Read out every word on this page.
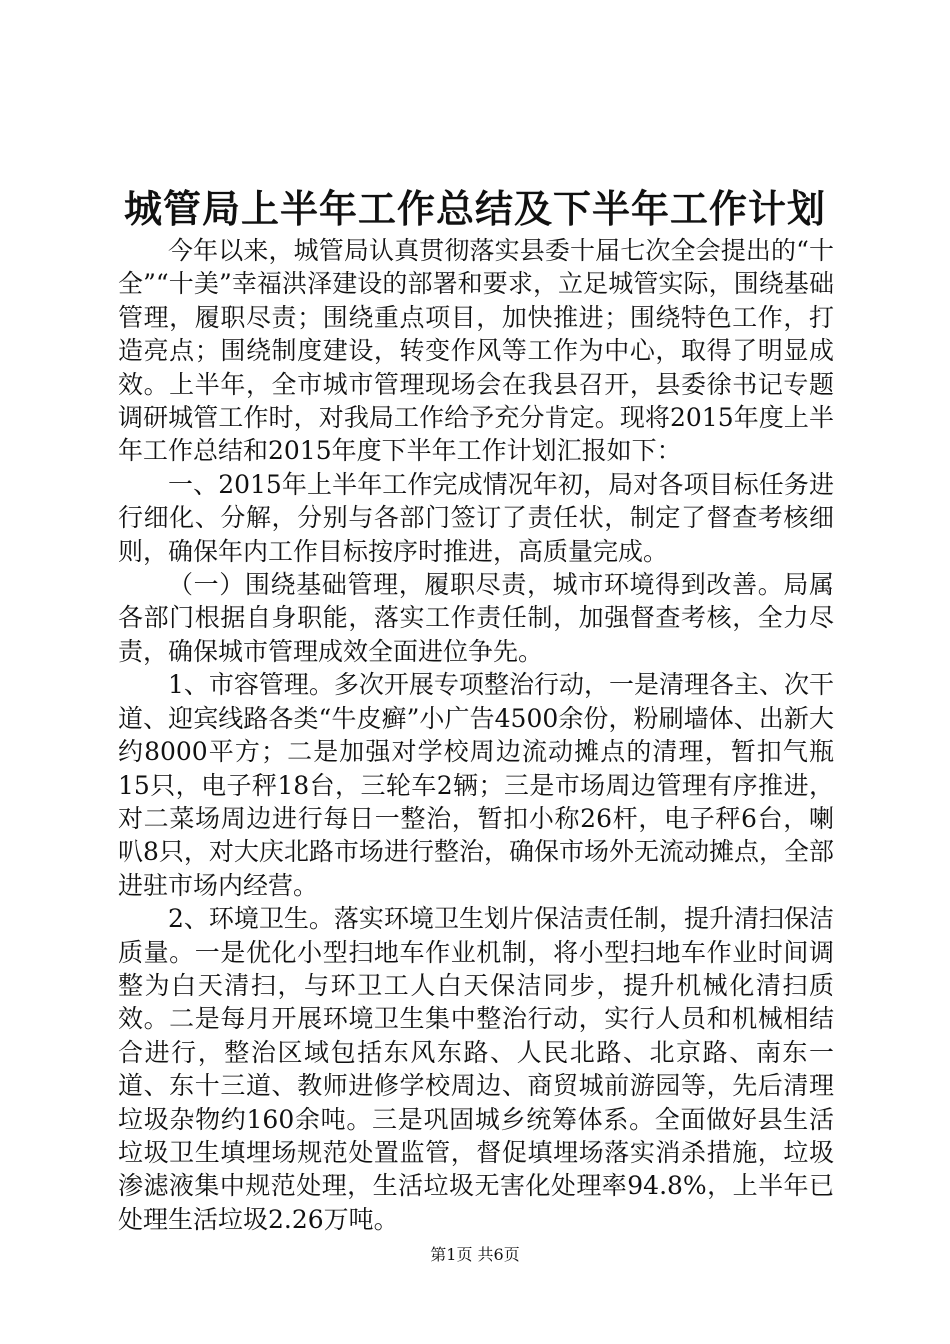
城管局上半年工作总结及下半年工作计划

今年以来，城管局认真贯彻落实县委十届七次全会提出的“十全”“十美”幸福洪泽建设的部署和要求，立足城管实际，围绕基础管理，履职尽责；围绕重点项目，加快推进；围绕特色工作，打造亮点；围绕制度建设，转变作风等工作为中心，取得了明显成效。上半年，全市城市管理现场会在我县召开，县委徐书记专题调研城管工作时，对我局工作给予充分肯定。现将2015年度上半年工作总结和2015年度下半年工作计划汇报如下：

一、2015年上半年工作完成情况年初，局对各项目标任务进行细化、分解，分别与各部门签订了责任状，制定了督查考核细则，确保年内工作目标按序时推进，高质量完成。

（一）围绕基础管理，履职尽责，城市环境得到改善。局属各部门根据自身职能，落实工作责任制，加强督查考核，全力尽责，确保城市管理成效全面进位争先。

1、市容管理。多次开展专项整治行动，一是清理各主、次干道、迎宾线路各类“牛皮癣”小广告4500余份，粉刷墙体、出新大约8000平方；二是加强对学校周边流动摊点的清理，暂扣气瓶15只，电子秤18台，三轮车2辆；三是市场周边管理有序推进，对二菜场周边进行每日一整治，暂扣小称26杆，电子秤6台，喇叭8只，对大庆北路市场进行整治，确保市场外无流动摊点，全部进驻市场内经营。

2、环境卫生。落实环境卫生划片保洁责任制，提升清扫保洁质量。一是优化小型扫地车作业机制，将小型扫地车作业时间调整为白天清扫，与环卫工人白天保洁同步，提升机械化清扫质效。二是每月开展环境卫生集中整治行动，实行人员和机械相结合进行，整治区域包括东风东路、人民北路、北京路、南东一道、东十三道、教师进修学校周边、商贸城前游园等，先后清理垃圾杂物约160余吨。三是巩固城乡统筹体系。全面做好县生活垃圾卫生填埋场规范处置监管，督促填埋场落实消杀措施，垃圾渗滤液集中规范处理，生活垃圾无害化处理率94.8%，上半年已处理生活垃圾2.26万吨。

第1页 共6页
